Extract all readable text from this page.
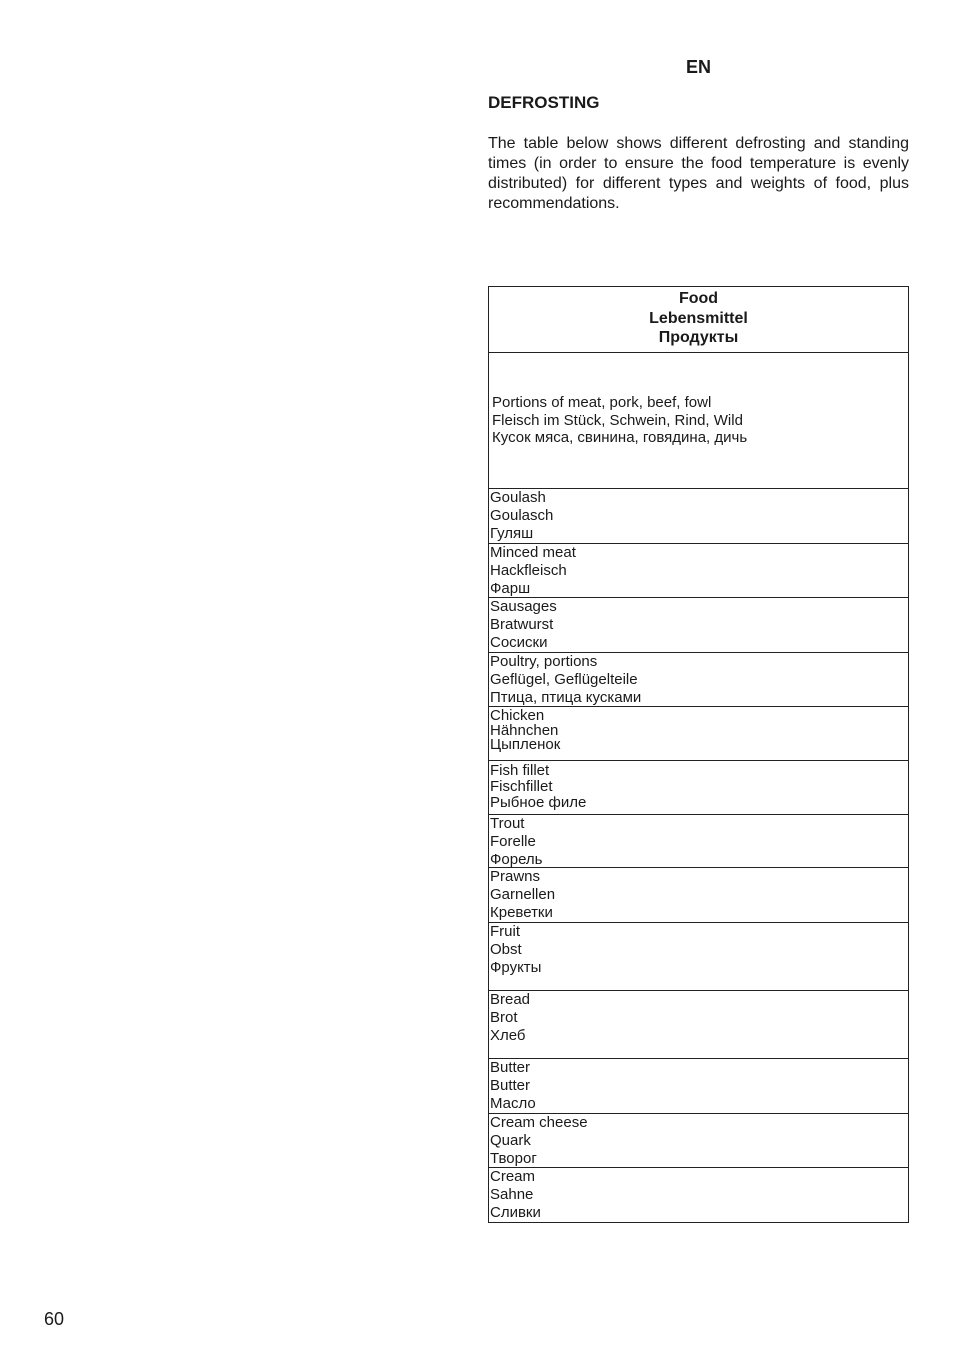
EN
DEFROSTING

The table below shows different defrosting and standing times (in order to ensure the food temperature is evenly distributed) for different types and weights of food, plus recommendations.

Food
Lebensmittel
Продукты
Portions of meat, pork, beef, fowl
Fleisch im Stück, Schwein, Rind, Wild
Кусок мяса, свинина, говядина, дичь
Goulash
Goulasch
Гуляш
Minced meat
Hackfleisch
Фарш
Sausages
Bratwurst
Сосиски
Poultry, portions
Geflügel, Geflügelteile
Птица, птица кусками
Chicken
Hähnchen
Цыпленок
Fish fillet
Fischfillet
Рыбное филе
Trout
Forelle
Форель
Prawns
Garnellen
Креветки
Fruit
Obst
Фрукты
Bread
Brot
Хлеб
Butter
Butter
Масло
Cream cheese
Quark
Творог
Cream
Sahne
Сливки
60
